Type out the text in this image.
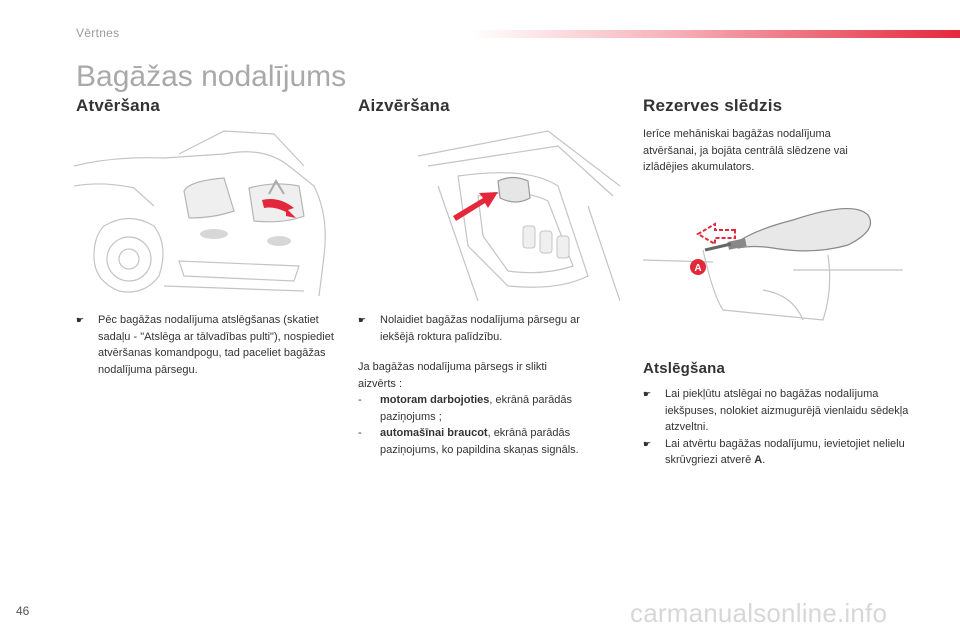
Vērtnes
Bagāžas nodalījums
Atvēršana	Aizvēršana	Rezerves slēdzis
A
☛	Pēc bagāžas nodalījuma atslēgšanas (skatiet sadaļu - "Atslēga ar tālvadības pulti"), nospiediet atvēršanas komandpogu, tad paceliet bagāžas nodalījuma pārsegu.
☛	Nolaidiet bagāžas nodalījuma pārsegu ar iekšējā roktura palīdzību.
Ja bagāžas nodalījuma pārsegs ir slikti aizvērts :
-	motoram darbojoties, ekrānā parādās paziņojums ;
-	automašīnai braucot, ekrānā parādās paziņojums, ko papildina skaņas signāls.
Ierīce mehāniskai bagāžas nodalījuma atvēršanai, ja bojāta centrālā slēdzene vai izlādējies akumulators.
Atslēgšana
☛	Lai piekļūtu atslēgai no bagāžas nodalījuma iekšpuses, nolokiet aizmugurējā vienlaidu sēdekļa atzveltni.
☛	Lai atvērtu bagāžas nodalījumu, ievietojiet nelielu skrūvgriezi atverē A.
46	carmanualsonline.info
